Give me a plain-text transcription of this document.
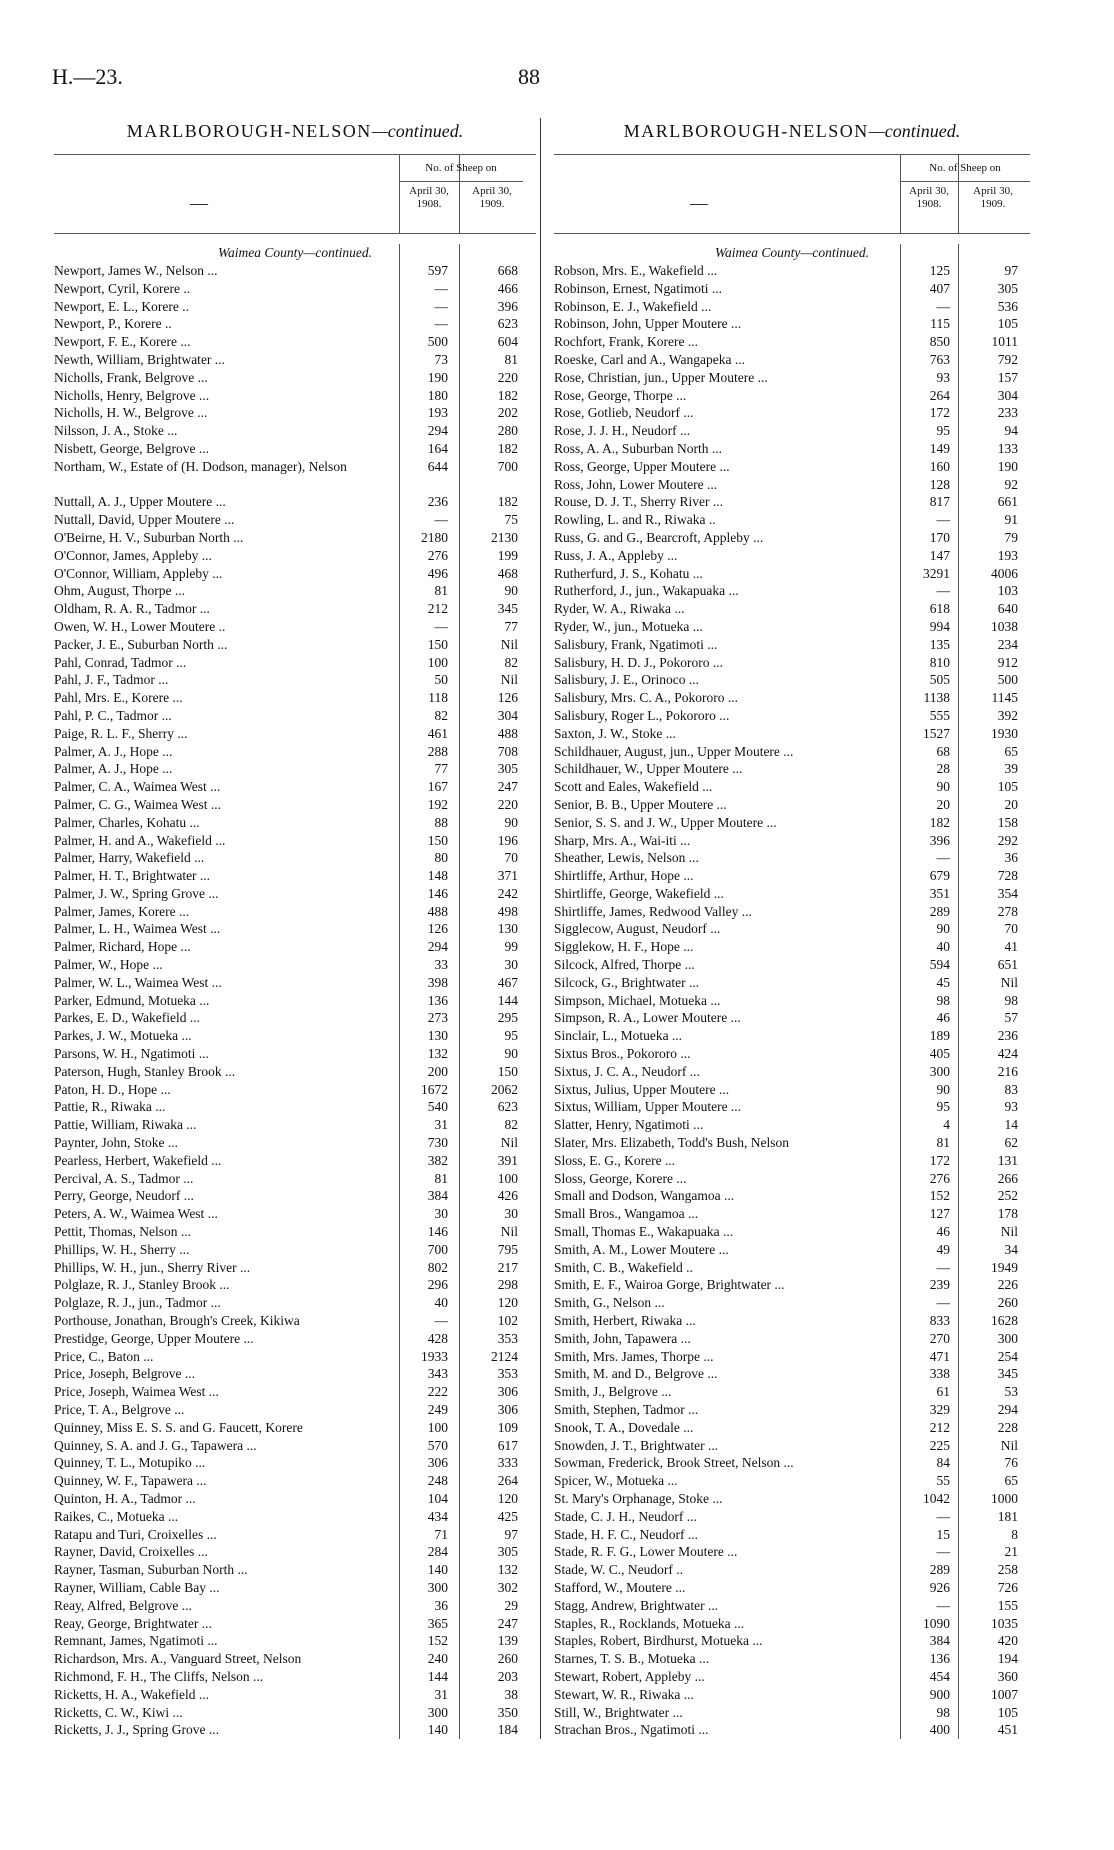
H.—23.	88
MARLBOROUGH-NELSON—continued.
—
No. of Sheep on
April 30, 1908.
April 30, 1909.
Waimea County—continued.
Newport, James W., Nelson ...	597	668
Newport, Cyril, Korere ..	—	466
Newport, E. L., Korere ..	—	396
Newport, P., Korere ..	—	623
Newport, F. E., Korere ...	500	604
Newth, William, Brightwater ...	73	81
Nicholls, Frank, Belgrove ...	190	220
Nicholls, Henry, Belgrove ...	180	182
Nicholls, H. W., Belgrove ...	193	202
Nilsson, J. A., Stoke ...	294	280
Nisbett, George, Belgrove ...	164	182
Northam, W., Estate of (H. Dodson, manager), Nelson	644	700
Nuttall, A. J., Upper Moutere ...	236	182
Nuttall, David, Upper Moutere ...	—	75
O'Beirne, H. V., Suburban North ...	2180	2130
O'Connor, James, Appleby ...	276	199
O'Connor, William, Appleby ...	496	468
Ohm, August, Thorpe ...	81	90
Oldham, R. A. R., Tadmor ...	212	345
Owen, W. H., Lower Moutere ..	—	77
Packer, J. E., Suburban North ...	150	Nil
Pahl, Conrad, Tadmor ...	100	82
Pahl, J. F., Tadmor ...	50	Nil
Pahl, Mrs. E., Korere ...	118	126
Pahl, P. C., Tadmor ...	82	304
Paige, R. L. F., Sherry ...	461	488
Palmer, A. J., Hope ...	288	708
Palmer, A. J., Hope ...	77	305
Palmer, C. A., Waimea West ...	167	247
Palmer, C. G., Waimea West ...	192	220
Palmer, Charles, Kohatu ...	88	90
Palmer, H. and A., Wakefield ...	150	196
Palmer, Harry, Wakefield ...	80	70
Palmer, H. T., Brightwater ...	148	371
Palmer, J. W., Spring Grove ...	146	242
Palmer, James, Korere ...	488	498
Palmer, L. H., Waimea West ...	126	130
Palmer, Richard, Hope ...	294	99
Palmer, W., Hope ...	33	30
Palmer, W. L., Waimea West ...	398	467
Parker, Edmund, Motueka ...	136	144
Parkes, E. D., Wakefield ...	273	295
Parkes, J. W., Motueka ...	130	95
Parsons, W. H., Ngatimoti ...	132	90
Paterson, Hugh, Stanley Brook ...	200	150
Paton, H. D., Hope ...	1672	2062
Pattie, R., Riwaka ...	540	623
Pattie, William, Riwaka ...	31	82
Paynter, John, Stoke ...	730	Nil
Pearless, Herbert, Wakefield ...	382	391
Percival, A. S., Tadmor ...	81	100
Perry, George, Neudorf ...	384	426
Peters, A. W., Waimea West ...	30	30
Pettit, Thomas, Nelson ...	146	Nil
Phillips, W. H., Sherry ...	700	795
Phillips, W. H., jun., Sherry River ...	802	217
Polglaze, R. J., Stanley Brook ...	296	298
Polglaze, R. J., jun., Tadmor ...	40	120
Porthouse, Jonathan, Brough's Creek, Kikiwa	—	102
Prestidge, George, Upper Moutere ...	428	353
Price, C., Baton ...	1933	2124
Price, Joseph, Belgrove ...	343	353
Price, Joseph, Waimea West ...	222	306
Price, T. A., Belgrove ...	249	306
Quinney, Miss E. S. S. and G. Faucett, Korere	100	109
Quinney, S. A. and J. G., Tapawera ...	570	617
Quinney, T. L., Motupiko ...	306	333
Quinney, W. F., Tapawera ...	248	264
Quinton, H. A., Tadmor ...	104	120
Raikes, C., Motueka ...	434	425
Ratapu and Turi, Croixelles ...	71	97
Rayner, David, Croixelles ...	284	305
Rayner, Tasman, Suburban North ...	140	132
Rayner, William, Cable Bay ...	300	302
Reay, Alfred, Belgrove ...	36	29
Reay, George, Brightwater ...	365	247
Remnant, James, Ngatimoti ...	152	139
Richardson, Mrs. A., Vanguard Street, Nelson	240	260
Richmond, F. H., The Cliffs, Nelson ...	144	203
Ricketts, H. A., Wakefield ...	31	38
Ricketts, C. W., Kiwi ...	300	350
Ricketts, J. J., Spring Grove ...	140	184
MARLBOROUGH-NELSON—continued.
—
No. of Sheep on
April 30, 1908.
April 30, 1909.
Waimea County—continued.
Robson, Mrs. E., Wakefield ...	125	97
Robinson, Ernest, Ngatimoti ...	407	305
Robinson, E. J., Wakefield ...	—	536
Robinson, John, Upper Moutere ...	115	105
Rochfort, Frank, Korere ...	850	1011
Roeske, Carl and A., Wangapeka ...	763	792
Rose, Christian, jun., Upper Moutere ...	93	157
Rose, George, Thorpe ...	264	304
Rose, Gotlieb, Neudorf ...	172	233
Rose, J. J. H., Neudorf ...	95	94
Ross, A. A., Suburban North ...	149	133
Ross, George, Upper Moutere ...	160	190
Ross, John, Lower Moutere ...	128	92
Rouse, D. J. T., Sherry River ...	817	661
Rowling, L. and R., Riwaka ..	—	91
Russ, G. and G., Bearcroft, Appleby ...	170	79
Russ, J. A., Appleby ...	147	193
Rutherfurd, J. S., Kohatu ...	3291	4006
Rutherford, J., jun., Wakapuaka ...	—	103
Ryder, W. A., Riwaka ...	618	640
Ryder, W., jun., Motueka ...	994	1038
Salisbury, Frank, Ngatimoti ...	135	234
Salisbury, H. D. J., Pokororo ...	810	912
Salisbury, J. E., Orinoco ...	505	500
Salisbury, Mrs. C. A., Pokororo ...	1138	1145
Salisbury, Roger L., Pokororo ...	555	392
Saxton, J. W., Stoke ...	1527	1930
Schildhauer, August, jun., Upper Moutere ...	68	65
Schildhauer, W., Upper Moutere ...	28	39
Scott and Eales, Wakefield ...	90	105
Senior, B. B., Upper Moutere ...	20	20
Senior, S. S. and J. W., Upper Moutere ...	182	158
Sharp, Mrs. A., Wai-iti ...	396	292
Sheather, Lewis, Nelson ...	—	36
Shirtliffe, Arthur, Hope ...	679	728
Shirtliffe, George, Wakefield ...	351	354
Shirtliffe, James, Redwood Valley ...	289	278
Sigglecow, August, Neudorf ...	90	70
Sigglekow, H. F., Hope ...	40	41
Silcock, Alfred, Thorpe ...	594	651
Silcock, G., Brightwater ...	45	Nil
Simpson, Michael, Motueka ...	98	98
Simpson, R. A., Lower Moutere ...	46	57
Sinclair, L., Motueka ...	189	236
Sixtus Bros., Pokororo ...	405	424
Sixtus, J. C. A., Neudorf ...	300	216
Sixtus, Julius, Upper Moutere ...	90	83
Sixtus, William, Upper Moutere ...	95	93
Slatter, Henry, Ngatimoti ...	4	14
Slater, Mrs. Elizabeth, Todd's Bush, Nelson	81	62
Sloss, E. G., Korere ...	172	131
Sloss, George, Korere ...	276	266
Small and Dodson, Wangamoa ...	152	252
Small Bros., Wangamoa ...	127	178
Small, Thomas E., Wakapuaka ...	46	Nil
Smith, A. M., Lower Moutere ...	49	34
Smith, C. B., Wakefield ..	—	1949
Smith, E. F., Wairoa Gorge, Brightwater ...	239	226
Smith, G., Nelson ...	—	260
Smith, Herbert, Riwaka ...	833	1628
Smith, John, Tapawera ...	270	300
Smith, Mrs. James, Thorpe ...	471	254
Smith, M. and D., Belgrove ...	338	345
Smith, J., Belgrove ...	61	53
Smith, Stephen, Tadmor ...	329	294
Snook, T. A., Dovedale ...	212	228
Snowden, J. T., Brightwater ...	225	Nil
Sowman, Frederick, Brook Street, Nelson ...	84	76
Spicer, W., Motueka ...	55	65
St. Mary's Orphanage, Stoke ...	1042	1000
Stade, C. J. H., Neudorf ...	—	181
Stade, H. F. C., Neudorf ...	15	8
Stade, R. F. G., Lower Moutere ...	—	21
Stade, W. C., Neudorf ..	289	258
Stafford, W., Moutere ...	926	726
Stagg, Andrew, Brightwater ...	—	155
Staples, R., Rocklands, Motueka ...	1090	1035
Staples, Robert, Birdhurst, Motueka ...	384	420
Starnes, T. S. B., Motueka ...	136	194
Stewart, Robert, Appleby ...	454	360
Stewart, W. R., Riwaka ...	900	1007
Still, W., Brightwater ...	98	105
Strachan Bros., Ngatimoti ...	400	451
